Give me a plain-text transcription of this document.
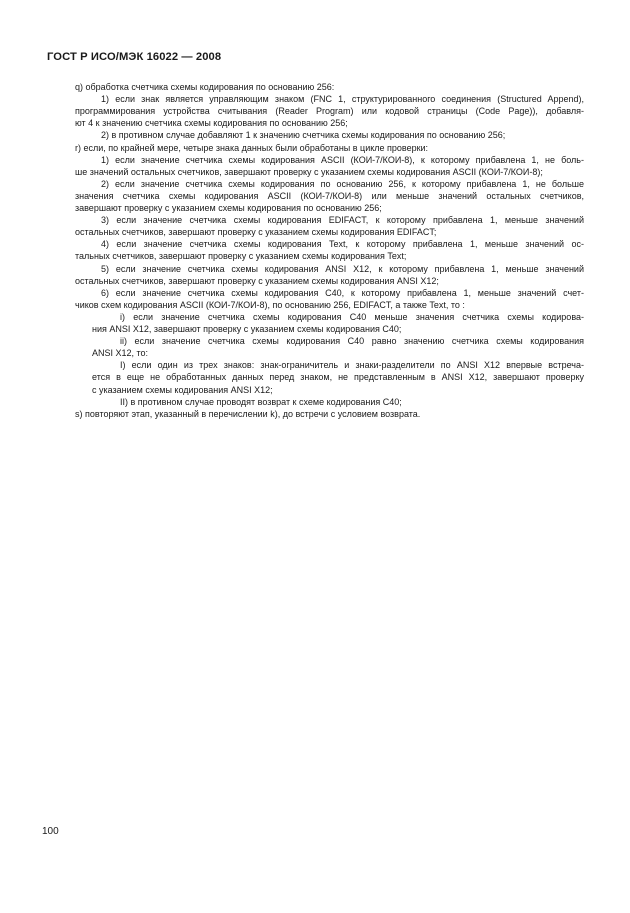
ГОСТ Р ИСО/МЭК 16022 — 2008
q) обработка счетчика схемы кодирования по основанию 256:
1) если знак является управляющим знаком (FNC 1, структурированного соединения (Structured Append),
программирования устройства считывания (Reader Program) или кодовой страницы (Code Page)), добавля-
ют 4 к значению счетчика схемы кодирования по основанию 256;
2) в противном случае добавляют 1 к значению счетчика схемы кодирования по основанию 256;
r) если, по крайней мере, четыре знака данных были обработаны в цикле проверки:
1) если значение счетчика схемы кодирования ASCII (КОИ-7/КОИ-8), к которому прибавлена 1, не боль-
ше значений остальных счетчиков, завершают проверку с указанием схемы кодирования ASCII (КОИ-7/КОИ-8);
2) если значение счетчика схемы кодирования по основанию 256, к которому прибавлена 1, не больше
значения счетчика схемы кодирования ASCII (КОИ-7/КОИ-8) или меньше значений остальных счетчиков,
завершают проверку с указанием схемы кодирования по основанию 256;
3) если значение счетчика схемы кодирования EDIFACT, к которому прибавлена 1, меньше значений
остальных счетчиков, завершают проверку с указанием схемы кодирования EDIFACT;
4) если значение счетчика схемы кодирования Text, к которому прибавлена 1, меньше значений ос-
тальных счетчиков, завершают проверку с указанием схемы кодирования Text;
5) если значение счетчика схемы кодирования ANSI X12, к которому прибавлена 1, меньше значений
остальных счетчиков, завершают проверку с указанием схемы кодирования ANSI X12;
6) если значение счетчика схемы кодирования C40, к которому прибавлена 1, меньше значений счет-
чиков схем кодирования ASCII (КОИ-7/КОИ-8), по основанию 256, EDIFACT, а также Text, то :
i) если значение счетчика схемы кодирования C40 меньше значения счетчика схемы кодирова-
ния ANSI X12, завершают проверку с указанием схемы кодирования C40;
ii) если значение счетчика схемы кодирования C40 равно значению счетчика схемы кодирования
ANSI X12, то:
I) если один из трех знаков: знак-ограничитель и знаки-разделители по ANSI X12 впервые встреча-
ется в еще не обработанных данных перед знаком, не представленным в ANSI X12, завершают проверку
с указанием схемы кодирования ANSI X12;
II) в противном случае проводят возврат к схеме кодирования C40;
s) повторяют этап, указанный в перечислении k), до встречи с условием возврата.
100
